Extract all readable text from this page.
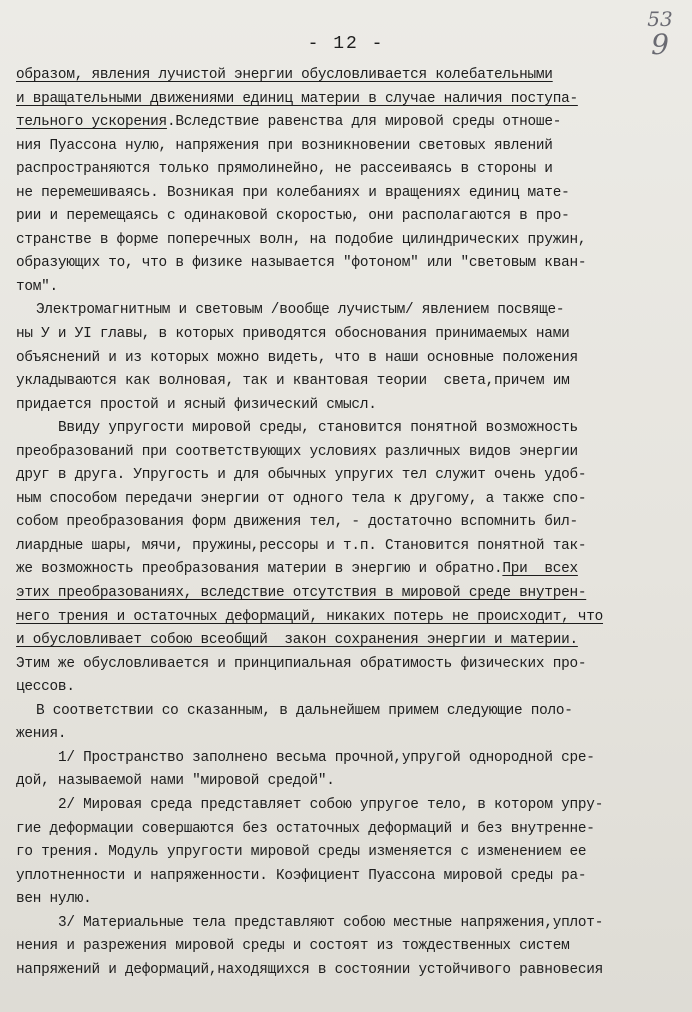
- 12 -
53
9
образом, явления лучистой энергии обусловливается колебательными
и вращательными движениями единиц материи в случае наличия поступа-
тельного ускорения.Вследствие равенства для мировой среды отноше-
ния Пуассона нулю, напряжения при возникновении световых явлений
распространяются только прямолинейно, не рассеиваясь в стороны и
не перемешиваясь. Возникая при колебаниях и вращениях единиц мате-
рии и перемещаясь с одинаковой скоростью, они располагаются в про-
странстве в форме поперечных волн, на подобие цилиндрических пружин,
образующих то, что в физике называется "фотоном" или "световым кван-
том".
Электромагнитным и световым /вообще лучистым/ явлением посвяще-
ны У и УI главы, в которых приводятся обоснования принимаемых нами
объяснений и из которых можно видеть, что в наши основные положения
укладываются как волновая, так и квантовая теории  света,причем им
придается простой и ясный физический смысл.
Ввиду упругости мировой среды, становится понятной возможность
преобразований при соответствующих условиях различных видов энергии
друг в друга. Упругость и для обычных упругих тел служит очень удоб-
ным способом передачи энергии от одного тела к другому, а также спо-
собом преобразования форм движения тел, - достаточно вспомнить бил-
лиардные шары, мячи, пружины,рессоры и т.п. Становится понятной так-
же возможность преобразования материи в энергию и обратно.При  всех
этих преобразованиях, вследствие отсутствия в мировой среде внутрен-
него трения и остаточных деформаций, никаких потерь не происходит, что
и обусловливает собою всеобщий  закон сохранения энергии и материи.
Этим же обусловливается и принципиальная обратимость физических про-
цессов.
В соответствии со сказанным, в дальнейшем примем следующие поло-
жения.
1/ Пространство заполнено весьма прочной,упругой однородной сре-
дой, называемой нами "мировой средой".
2/ Мировая среда представляет собою упругое тело, в котором упру-
гие деформации совершаются без остаточных деформаций и без внутренне-
го трения. Модуль упругости мировой среды изменяется с изменением ее
уплотненности и напряженности. Коэфициент Пуассона мировой среды ра-
вен нулю.
3/ Материальные тела представляют собою местные напряжения,уплот-
нения и разрежения мировой среды и состоят из тождественных систем
напряжений и деформаций,находящихся в состоянии устойчивого равновесия
